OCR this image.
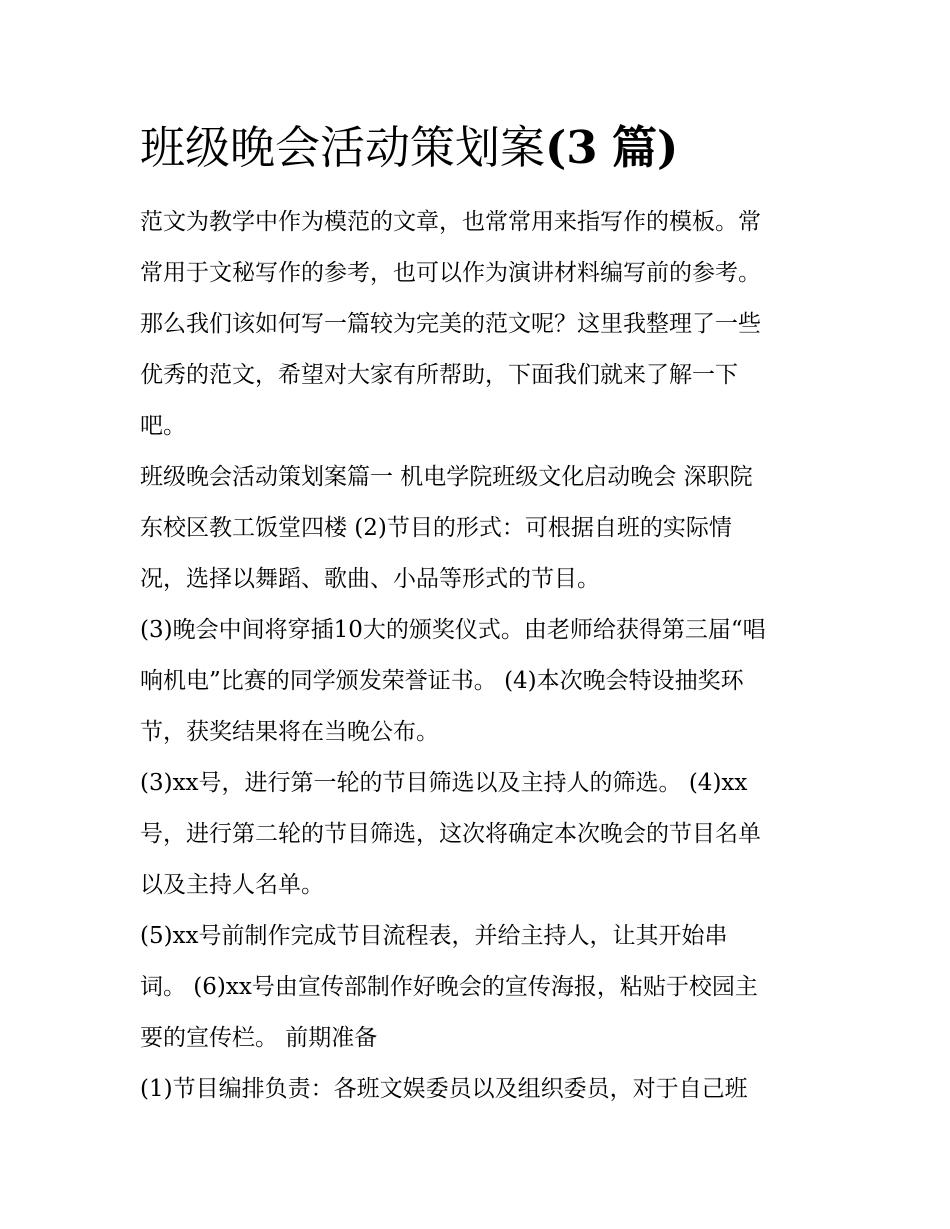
班级晚会活动策划案(3 篇)
范文为教学中作为模范的文章，也常常用来指写作的模板。常
常用于文秘写作的参考，也可以作为演讲材料编写前的参考。
那么我们该如何写一篇较为完美的范文呢？这里我整理了一些
优秀的范文，希望对大家有所帮助，下面我们就来了解一下
吧。
班级晚会活动策划案篇一 机电学院班级文化启动晚会 深职院
东校区教工饭堂四楼 (2)节目的形式：可根据自班的实际情
况，选择以舞蹈、歌曲、小品等形式的节目。
(3)晚会中间将穿插10大的颁奖仪式。由老师给获得第三届“唱
响机电”比赛的同学颁发荣誉证书。 (4)本次晚会特设抽奖环
节，获奖结果将在当晚公布。
(3)xx号，进行第一轮的节目筛选以及主持人的筛选。 (4)xx
号，进行第二轮的节目筛选，这次将确定本次晚会的节目名单
以及主持人名单。
(5)xx号前制作完成节目流程表，并给主持人，让其开始串
词。 (6)xx号由宣传部制作好晚会的宣传海报，粘贴于校园主
要的宣传栏。 前期准备
(1)节目编排负责：各班文娱委员以及组织委员，对于自己班
